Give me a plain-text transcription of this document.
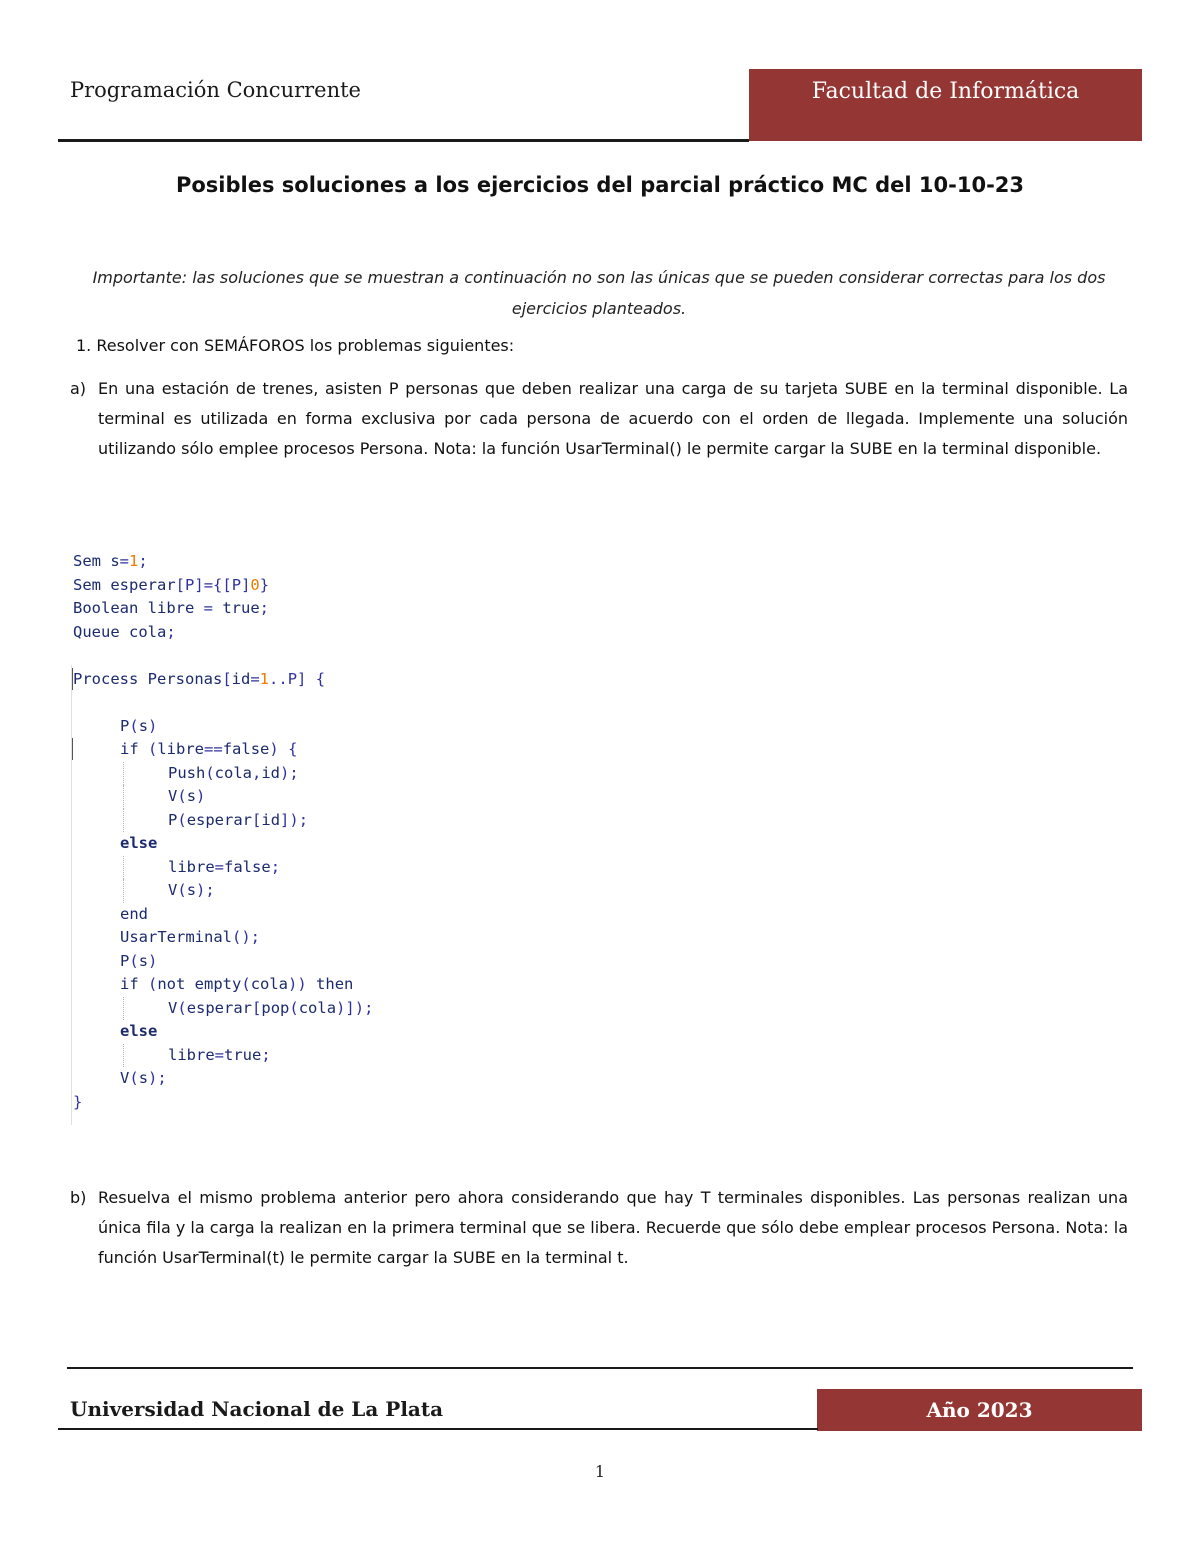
Programación Concurrente	Facultad de Informática
Posibles soluciones a los ejercicios del parcial práctico MC del 10-10-23
Importante: las soluciones que se muestran a continuación no son las únicas que se pueden considerar correctas para los dos ejercicios planteados.
1. Resolver con SEMÁFOROS los problemas siguientes:
a) En una estación de trenes, asisten P personas que deben realizar una carga de su tarjeta SUBE en la terminal disponible. La terminal es utilizada en forma exclusiva por cada persona de acuerdo con el orden de llegada. Implemente una solución utilizando sólo emplee procesos Persona. Nota: la función UsarTerminal() le permite cargar la SUBE en la terminal disponible.
Sem s=1;
Sem esperar[P]={[P]0}
Boolean libre = true;
Queue cola;
Process Personas[id=1..P] {
P(s)
if (libre==false) {
Push(cola,id);
V(s)
P(esperar[id]);
else
libre=false;
V(s);
end
UsarTerminal();
P(s)
if (not empty(cola)) then
V(esperar[pop(cola)]);
else
libre=true;
V(s);
}
b) Resuelva el mismo problema anterior pero ahora considerando que hay T terminales disponibles. Las personas realizan una única fila y la carga la realizan en la primera terminal que se libera. Recuerde que sólo debe emplear procesos Persona. Nota: la función UsarTerminal(t) le permite cargar la SUBE en la terminal t.
Universidad Nacional de La Plata	Año 2023
1
